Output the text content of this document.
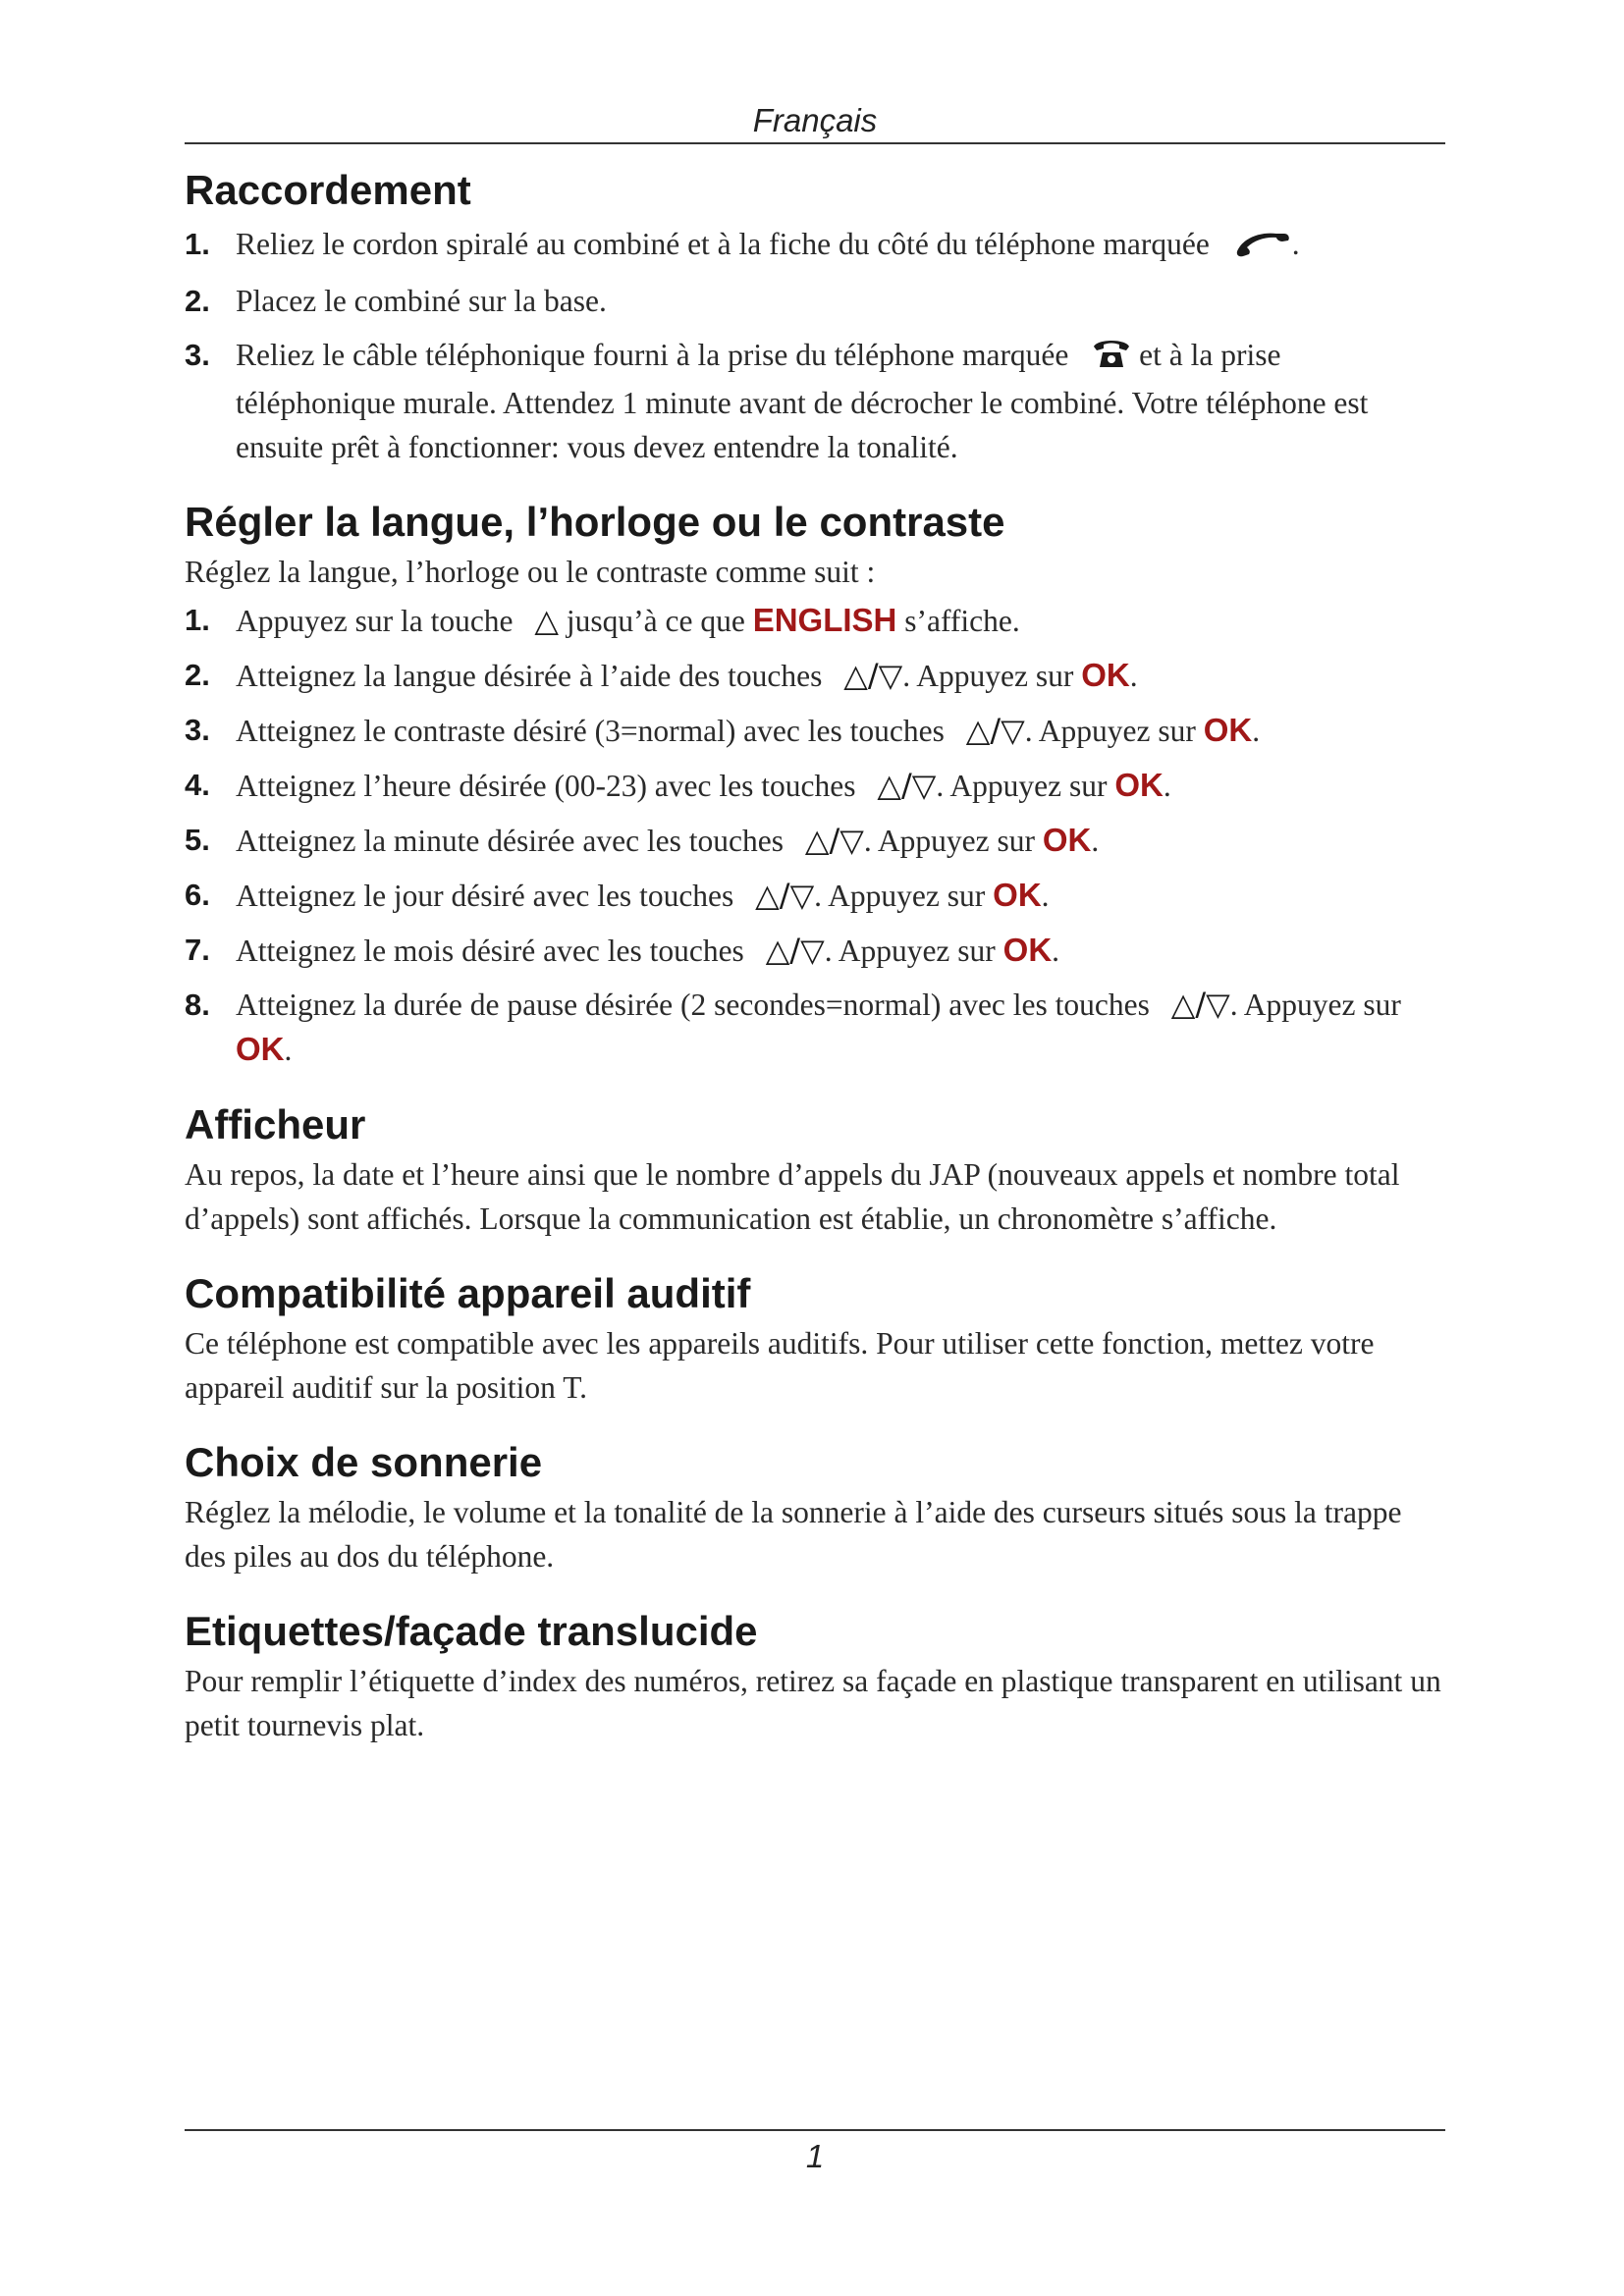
Français
Raccordement
1. Reliez le cordon spiralé au combiné et à la fiche du côté du téléphone marquée	.
2. Placez le combiné sur la base.
3. Reliez le câble téléphonique fourni à la prise du téléphone marquée  et à la prise téléphonique murale. Attendez 1 minute avant de décrocher le combiné. Votre téléphone est ensuite prêt à fonctionner: vous devez entendre la tonalité.
Régler la langue, l’horloge ou le contraste

Réglez la langue, l’horloge ou le contraste comme suit :

1. Appuyez sur la touche △ jusqu’à ce que ENGLISH s’affiche.
2. Atteignez la langue désirée à l’aide des touches △/▽. Appuyez sur OK.
3. Atteignez le contraste désiré (3=normal) avec les touches △/▽. Appuyez sur OK.
4. Atteignez l’heure désirée (00-23) avec les touches △/▽. Appuyez sur OK.
5. Atteignez la minute désirée avec les touches △/▽. Appuyez sur OK.
6. Atteignez le jour désiré avec les touches △/▽. Appuyez sur OK.
7. Atteignez le mois désiré avec les touches △/▽. Appuyez sur OK.
8. Atteignez la durée de pause désirée (2 secondes=normal) avec les touches △/▽. Appuyez sur OK.
Afficheur

Au repos, la date et l’heure ainsi que le nombre d’appels du JAP (nouveaux appels et nombre total d’appels) sont affichés. Lorsque la communication est établie, un chronomètre s’affiche.

Compatibilité appareil auditif

Ce téléphone est compatible avec les appareils auditifs. Pour utiliser cette fonction, mettez votre appareil auditif sur la position T.

Choix de sonnerie

Réglez la mélodie, le volume et la tonalité de la sonnerie à l’aide des curseurs situés sous la trappe des piles au dos du téléphone.

Etiquettes/façade translucide

Pour remplir l’étiquette d’index des numéros, retirez sa façade en plastique transparent en utilisant un petit tournevis plat.

1
